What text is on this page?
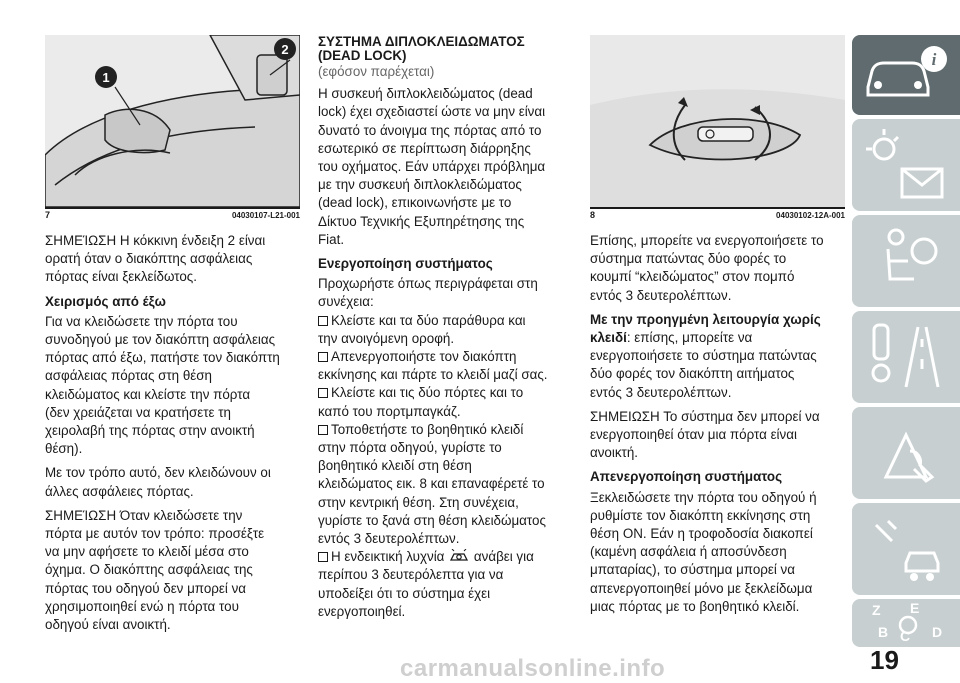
1
2
7	04030107-L21-001

ΣΗΜΕΊΩΣΗ Η κόκκινη ένδειξη 2 είναι
ορατή όταν ο διακόπτης ασφάλειας
πόρτας είναι ξεκλείδωτος.

Χειρισμός από έξω

Για να κλειδώσετε την πόρτα του
συνοδηγού με τον διακόπτη ασφάλειας
πόρτας από έξω, πατήστε τον διακόπτη
ασφάλειας πόρτας στη θέση
κλειδώματος και κλείστε την πόρτα
(δεν χρειάζεται να κρατήσετε τη
χειρολαβή της πόρτας στην ανοικτή
θέση).

Με τον τρόπο αυτό, δεν κλειδώνουν οι
άλλες ασφάλειες πόρτας.

ΣΗΜΕΊΩΣΗ Όταν κλειδώσετε την
πόρτα με αυτόν τον τρόπο: προσέξτε
να μην αφήσετε το κλειδί μέσα στο
όχημα. Ο διακόπτης ασφάλειας της
πόρτας του οδηγού δεν μπορεί να
χρησιμοποιηθεί ενώ η πόρτα του
οδηγού είναι ανοικτή.

ΣΥΣΤΗΜΑ ΔΙΠΛΟΚΛΕΙΔΩΜΑΤΟΣ
(DEAD LOCK)

(εφόσον παρέχεται)

Η συσκευή διπλοκλειδώματος (dead
lock) έχει σχεδιαστεί ώστε να μην είναι
δυνατό το άνοιγμα της πόρτας από το
εσωτερικό σε περίπτωση διάρρηξης
του οχήματος. Εάν υπάρχει πρόβλημα
με την συσκευή διπλοκλειδώματος
(dead lock), επικοινωνήστε με το
Δίκτυο Τεχνικής Εξυπηρέτησης της
Fiat.

Ενεργοποίηση συστήματος

Προχωρήστε όπως περιγράφεται στη
συνέχεια:

Κλείστε και τα δύο παράθυρα και
την ανοιγόμενη οροφή.
Απενεργοποιήστε τον διακόπτη
εκκίνησης και πάρτε το κλειδί μαζί σας.
Κλείστε και τις δύο πόρτες και το
καπό του πορτμπαγκάζ.
Τοποθετήστε το βοηθητικό κλειδί
στην πόρτα οδηγού, γυρίστε το
βοηθητικό κλειδί στη θέση
κλειδώματος εικ. 8 και επαναφέρετέ το
στην κεντρική θέση. Στη συνέχεια,
γυρίστε το ξανά στη θέση κλειδώματος
εντός 3 δευτερολέπτων.
Η ενδεικτική λυχνία ανάβει για
περίπου 3 δευτερόλεπτα για να
υποδείξει ότι το σύστημα έχει
ενεργοποιηθεί.
8	04030102-12A-001

Επίσης, μπορείτε να ενεργοποιήσετε το
σύστημα πατώντας δύο φορές το
κουμπί “κλειδώματος” στον πομπό
εντός 3 δευτερολέπτων.

Με την προηγμένη λειτουργία χωρίς
κλειδί: επίσης, μπορείτε να
ενεργοποιήσετε το σύστημα πατώντας
δύο φορές τον διακόπτη αιτήματος
εντός 3 δευτερολέπτων.

ΣΗΜΕΙΩΣΗ Το σύστημα δεν μπορεί να
ενεργοποιηθεί όταν μια πόρτα είναι
ανοικτή.

Απενεργοποίηση συστήματος

Ξεκλειδώσετε την πόρτα του οδηγού ή
ρυθμίστε τον διακόπτη εκκίνησης στη
θέση ON. Εάν η τροφοδοσία διακοπεί
(καμένη ασφάλεια ή αποσύνδεση
μπαταρίας), το σύστημα μπορεί να
απενεργοποιηθεί μόνο με ξεκλείδωμα
μιας πόρτας με το βοηθητικό κλειδί.

i
Z E
B C D
19
carmanualsonline.info
